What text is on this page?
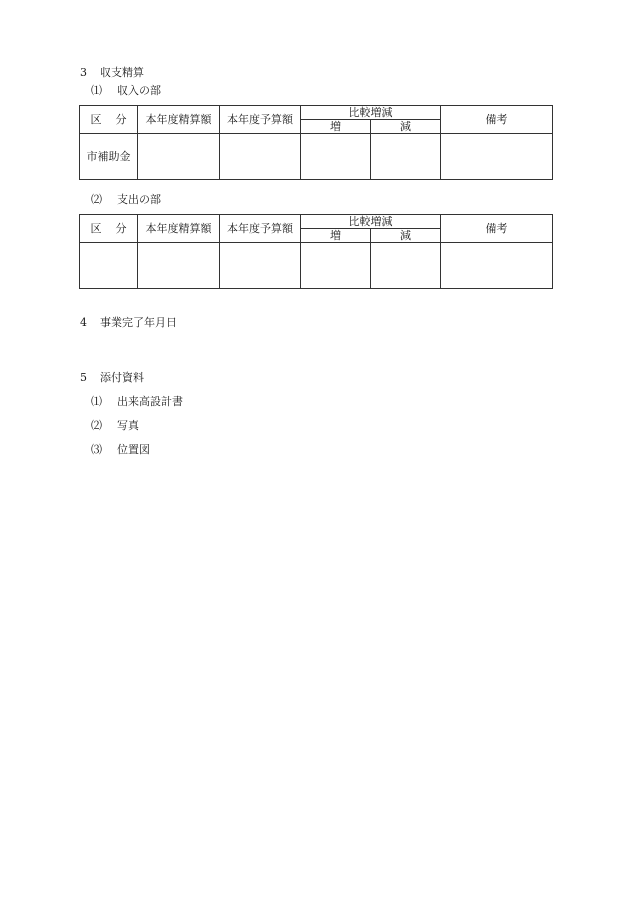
3 収支精算
⑴ 収入の部
区 分	本年度精算額	本年度予算額	比較増減		備考
			増	減	
市補助金					
⑵ 支出の部
区 分	本年度精算額	本年度予算額	比較増減		備考
			増	減	

4 事業完了年月日
5 添付資料
⑴ 出来高設計書
⑵ 写真
⑶ 位置図
